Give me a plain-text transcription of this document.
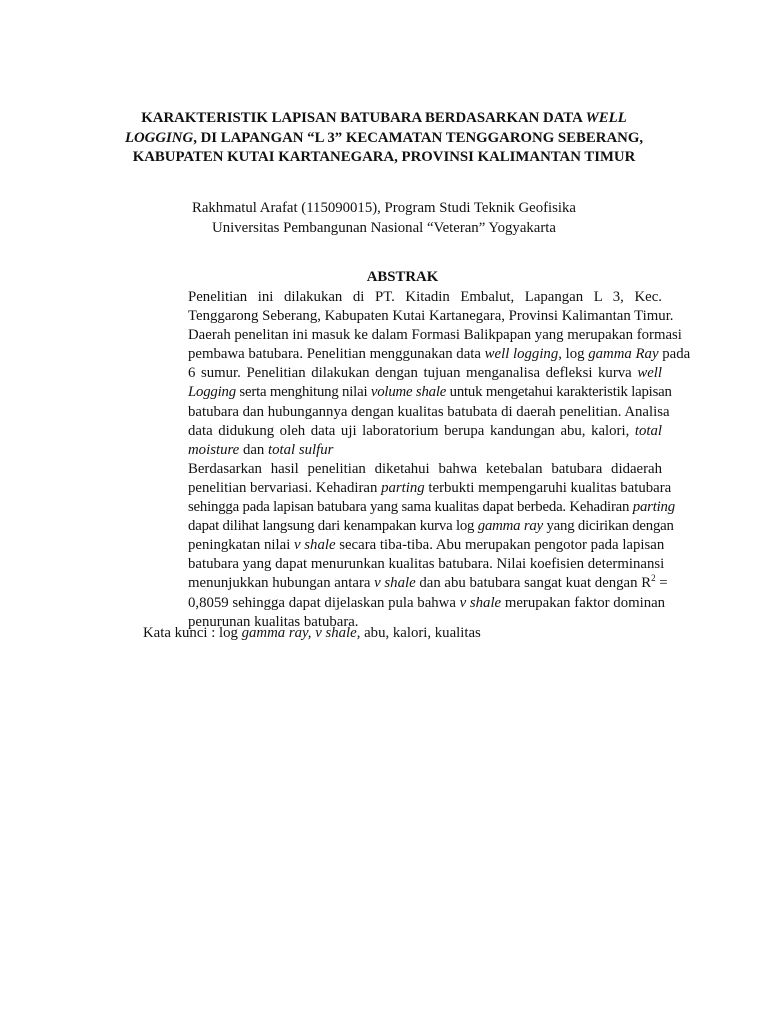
KARAKTERISTIK LAPISAN BATUBARA BERDASARKAN DATA WELL LOGGING, DI LAPANGAN “L 3” KECAMATAN TENGGARONG SEBERANG, KABUPATEN KUTAI KARTANEGARA, PROVINSI KALIMANTAN TIMUR
Rakhmatul Arafat (115090015), Program Studi Teknik Geofisika
Universitas Pembangunan Nasional “Veteran” Yogyakarta
ABSTRAK

Penelitian ini dilakukan di PT. Kitadin Embalut, Lapangan L 3, Kec.
Tenggarong Seberang, Kabupaten Kutai Kartanegara, Provinsi Kalimantan Timur.
Daerah penelitan ini masuk ke dalam Formasi Balikpapan yang merupakan formasi
pembawa batubara. Penelitian menggunakan data well logging, log gamma Ray pada
6 sumur. Penelitian dilakukan dengan tujuan menganalisa defleksi kurva well
Logging serta menghitung nilai volume shale untuk mengetahui karakteristik lapisan
batubara dan hubungannya dengan kualitas batubata di daerah penelitian. Analisa
data didukung oleh data uji laboratorium berupa kandungan abu, kalori, total
moisture dan total sulfur

Berdasarkan hasil penelitian diketahui bahwa ketebalan batubara didaerah
penelitian bervariasi. Kehadiran parting terbukti mempengaruhi kualitas batubara
sehingga pada lapisan batubara yang sama kualitas dapat berbeda. Kehadiran parting
dapat dilihat langsung dari kenampakan kurva log gamma ray yang dicirikan dengan
peningkatan nilai v shale secara tiba-tiba. Abu merupakan pengotor pada lapisan
batubara yang dapat menurunkan kualitas batubara. Nilai koefisien determinansi
menunjukkan hubungan antara v shale dan abu batubara sangat kuat dengan $R^2$ =
0,8059 sehingga dapat dijelaskan pula bahwa v shale merupakan faktor dominan
penurunan kualitas batubara.

Kata kunci : log gamma ray, v shale, abu, kalori, kualitas
